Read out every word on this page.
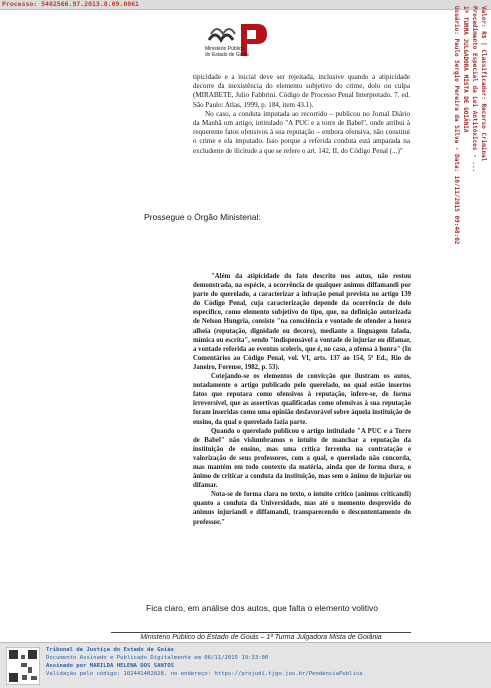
Processo: 5402566.97.2013.8.09.0061
Ministério Público
do Estado de Goiás	Valor: R$ | Classificador: Recurso Criminal
Procedimento Especial da Lei Antitóxicos - ...
1ª TURMA JULGADORA MISTA DE GOIÂNIA
Usuário: Paulo Sergio Pereira da Silva - Data: 10/11/2015 09:40:02

tipicidade e a inicial deve ser rejeitada, inclusive quando a atipicidade decorre da inexistência do elemento subjetivo do crime, dolo ou culpa (MIRABETE, Julio Fabbrini. Código de Processo Penal Interpretado. 7. ed. São Paulo: Atlas, 1999, p. 184, item 43.1).

No caso, a conduta imputada ao recorrido – publicou no Jornal Diário da Manhã um artigo, intitulado "A PUC e a torre de Babel", onde atribui à requerente fatos ofensivos à sua reputação – embora ofensiva, não constitui o crime e ela imputado. Isso porque a referida conduta está amparada na excludente de ilicitude a que se refere o art. 142, II, do Código Penal (...)"

Prossegue o Órgão Ministerial:

"Além da atipicidade do fato descrito nos autos, não restou demonstrada, na espécie, a ocorrência de qualquer animus diffamandi por parte do querelado, a caracterizar a infração penal prevista no artigo 139 do Código Penal, cuja caracterização depende da ocorrência de dolo específico, como elemento subjetivo do tipo, que, na definição autorizada de Nelson Hungria, consiste "na consciência e vontade de ofender a honra alheia (reputação, dignidade ou decoro), mediante a linguagem falada, mímica ou escrita", sendo "indispensável a vontade de injuriar ou difamar, a vontade referida ao eventus sceleris, que é, no caso, a ofensa à honra" (In Comentários ao Código Penal, vol. VI, arts. 137 ao 154, 5ª Ed., Rio de Janeiro, Forense, 1982, p. 53).

Cotejando-se os elementos de convicção que ilustram os autos, notadamente o artigo publicado pelo querelado, no qual estão insertos fatos que reputara como ofensivos à reputação, infere-se, de forma irreversível, que as assertivas qualificadas como ofensivas à sua reputação foram inseridas como uma opinião desfavorável sobre àquela instituição de ensino, da qual o querelado fazia parte.

Quando o querelado publicou o artigo intitulado "A PUC e a Torre de Babel" não vislumbramos o intuito de manchar a reputação da instituição de ensino, mas uma crítica ferrenha na contratação e valorização de seus professores, com a qual, o querelado não concorda, mas mantém em todo contexto da matéria, ainda que de forma dura, o ânimo de criticar a conduta da instituição, mas sem o ânimo de injuriar ou difamar.

Nota-se de forma clara no texto, o intuito crítico (animus criticandi) quanto a conduta da Universidade, mas até o momento desprovido do animus injuriandi e diffamandi, transparecendo o descontentamento do professor."

Fica claro, em análise dos autos, que falta o elemento volitivo
Ministério Público do Estado de Goiás – 1ª Turma Julgadora Mista de Goiânia
Tribunal de Justiça do Estado de Goiás
Documento Assinado e Publicado Digitalmente em 06/11/2015 19:33:00
Assinado por MARILDA HELENA DOS SANTOS
Validação pelo código: 102441402828, no endereço: https://projudi.tjgo.jus.br/PendenciaPublica
